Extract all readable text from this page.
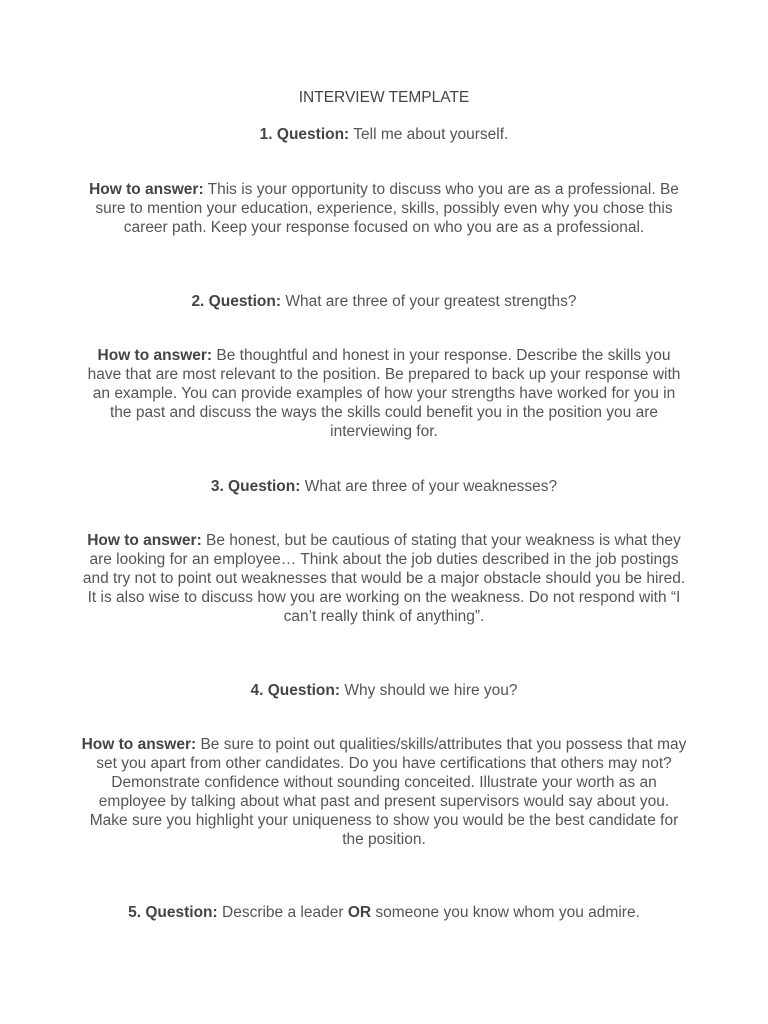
INTERVIEW TEMPLATE
1. Question: Tell me about yourself.
How to answer: This is your opportunity to discuss who you are as a professional. Be sure to mention your education, experience, skills, possibly even why you chose this career path. Keep your response focused on who you are as a professional.
2. Question: What are three of your greatest strengths?
How to answer: Be thoughtful and honest in your response. Describe the skills you have that are most relevant to the position. Be prepared to back up your response with an example. You can provide examples of how your strengths have worked for you in the past and discuss the ways the skills could benefit you in the position you are interviewing for.
3. Question: What are three of your weaknesses?
How to answer: Be honest, but be cautious of stating that your weakness is what they are looking for an employee… Think about the job duties described in the job postings and try not to point out weaknesses that would be a major obstacle should you be hired. It is also wise to discuss how you are working on the weakness. Do not respond with “I can’t really think of anything”.
4. Question: Why should we hire you?
How to answer: Be sure to point out qualities/skills/attributes that you possess that may set you apart from other candidates. Do you have certifications that others may not? Demonstrate confidence without sounding conceited. Illustrate your worth as an employee by talking about what past and present supervisors would say about you. Make sure you highlight your uniqueness to show you would be the best candidate for the position.
5. Question: Describe a leader OR someone you know whom you admire.
